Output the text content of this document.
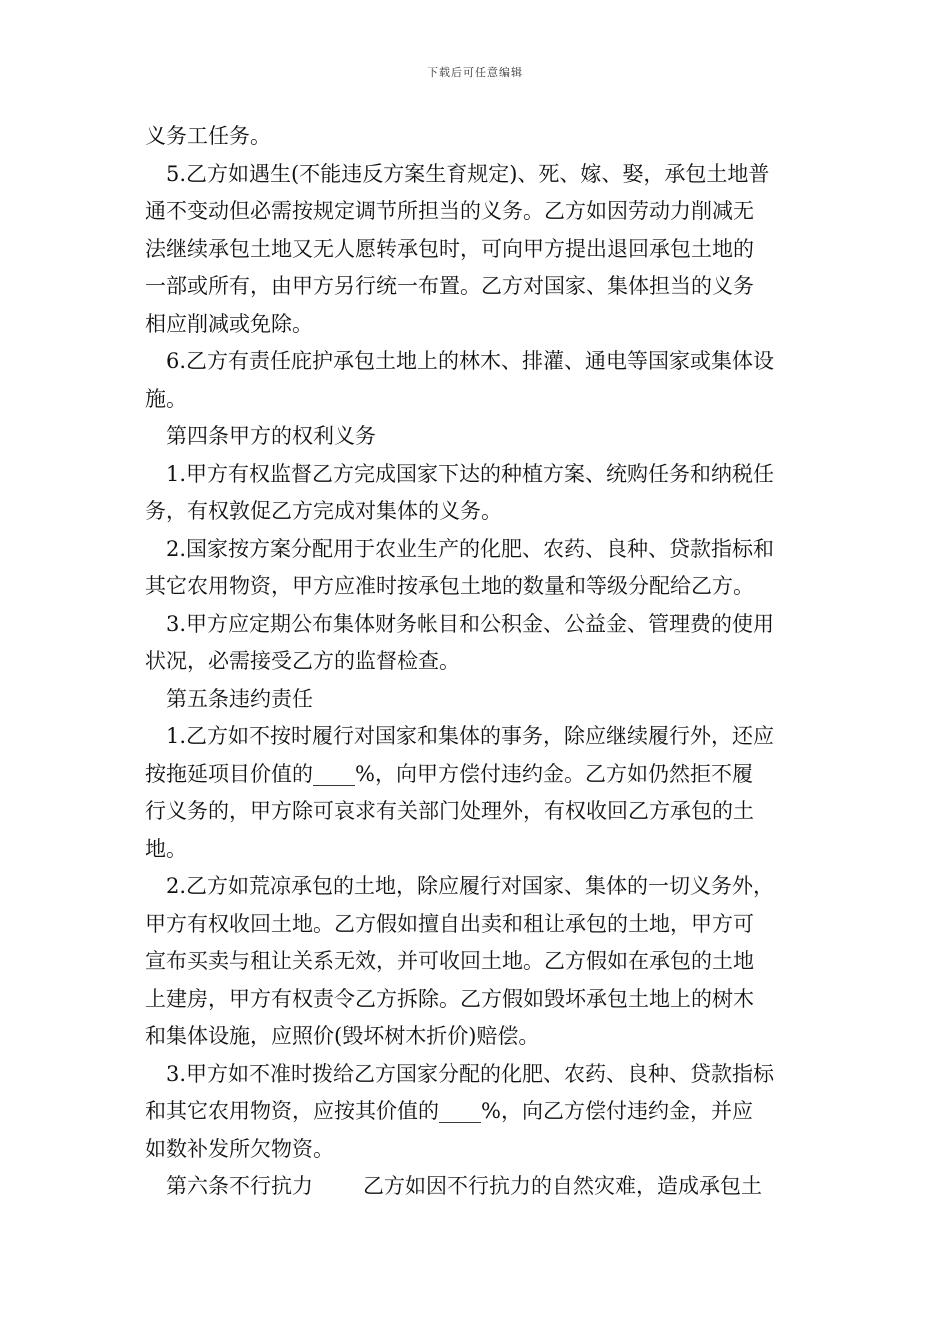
下载后可任意编辑
义务工任务。
5.乙方如遇生(不能违反方案生育规定)、死、嫁、娶，承包土地普
通不变动但必需按规定调节所担当的义务。乙方如因劳动力削减无
法继续承包土地又无人愿转承包时，可向甲方提出退回承包土地的
一部或所有，由甲方另行统一布置。乙方对国家、集体担当的义务
相应削减或免除。
6.乙方有责任庇护承包土地上的林木、排灌、通电等国家或集体设
施。
第四条甲方的权利义务
1.甲方有权监督乙方完成国家下达的种植方案、统购任务和纳税任
务，有权敦促乙方完成对集体的义务。
2.国家按方案分配用于农业生产的化肥、农药、良种、贷款指标和
其它农用物资，甲方应准时按承包土地的数量和等级分配给乙方。
3.甲方应定期公布集体财务帐目和公积金、公益金、管理费的使用
状况，必需接受乙方的监督检查。
第五条违约责任
1.乙方如不按时履行对国家和集体的事务，除应继续履行外，还应
按拖延项目价值的____%，向甲方偿付违约金。乙方如仍然拒不履
行义务的，甲方除可哀求有关部门处理外，有权收回乙方承包的土
地。
2.乙方如荒凉承包的土地，除应履行对国家、集体的一切义务外，
甲方有权收回土地。乙方假如擅自出卖和租让承包的土地，甲方可
宣布买卖与租让关系无效，并可收回土地。乙方假如在承包的土地
上建房，甲方有权责令乙方拆除。乙方假如毁坏承包土地上的树木
和集体设施，应照价(毁坏树木折价)赔偿。
3.甲方如不准时拨给乙方国家分配的化肥、农药、良种、贷款指标
和其它农用物资，应按其价值的____%，向乙方偿付违约金，并应
如数补发所欠物资。
第六条不行抗力 乙方如因不行抗力的自然灾难，造成承包土
